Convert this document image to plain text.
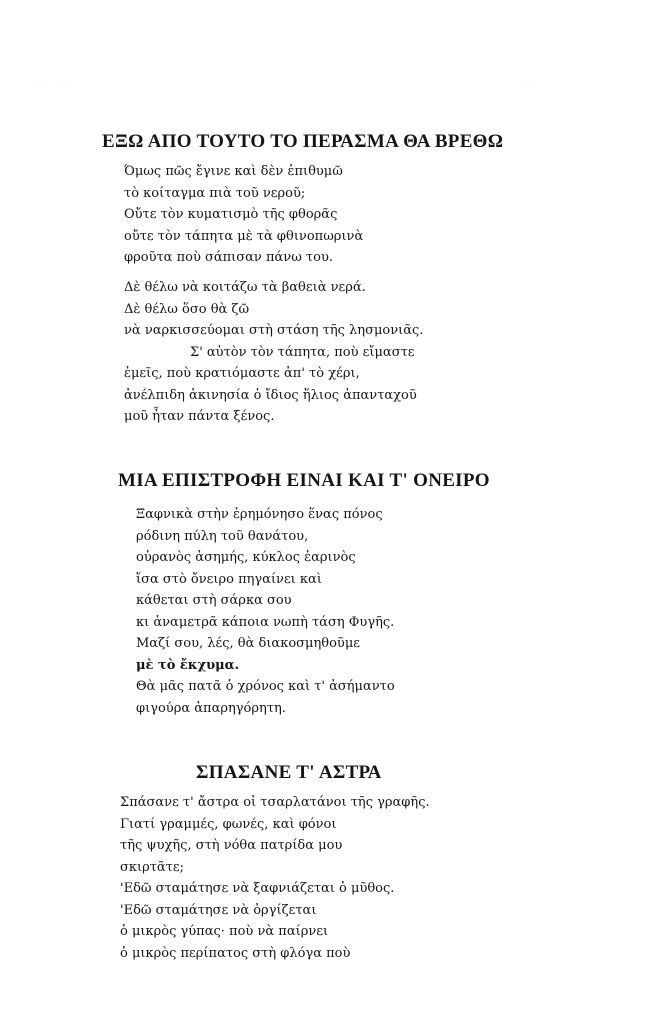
· ˙ · ·	· ˙
ΕΞΩ ΑΠΟ ΤΟΥΤΟ ΤΟ ΠΕΡΑΣΜΑ ΘΑ ΒΡΕΘΩ
Όμως πῶς ἔγινε καὶ δὲν ἐπιθυμῶ
τὸ κοίταγμα πιὰ τοῦ νεροῦ;
Οὔτε τὸν κυματισμὸ τῆς φθορᾶς
οὔτε τὸν τάπητα μὲ τὰ φθινοπωρινὰ
φροῦτα ποὺ σάπισαν πάνω του.
Δὲ θέλω νὰ κοιτάζω τὰ βαθειὰ νερά.
Δὲ θέλω ὅσο θὰ ζῶ
νὰ ναρκισσεύομαι στὴ στάση τῆς λησμονιᾶς.
Σ' αὐτὸν τὸν τάπητα, ποὺ εἴμαστε
ἐμεῖς, ποὺ κρατιόμαστε ἀπ' τὸ χέρι,
ἀνέλπιδη ἀκινησία ὁ ἴδιος ἥλιος ἀπανταχοῦ
μοῦ ἦταν πάντα ξένος.
ΜΙΑ ΕΠΙΣΤΡΟΦΗ ΕΙΝΑΙ ΚΑΙ Τ' ΟΝΕΙΡΟ
Ξαφνικὰ στὴν ἐρημόνησο ἕνας πόνος
ρόδινη πύλη τοῦ θανάτου,
οὐρανὸς ἀσημής, κύκλος ἐαρινὸς
ἴσα στὸ ὄνειρο πηγαίνει καὶ
κάθεται στὴ σάρκα σου
κι ἀναμετρᾶ κάποια νωπὴ τάση Φυγῆς.
Μαζί σου, λές, θὰ διακοσμηθοῦμε
μὲ τὸ ἔκχυμα.
Θὰ μᾶς πατᾶ ὁ χρόνος καὶ τ' ἀσήμαντο
φιγούρα ἀπαρηγόρητη.
ΣΠΑΣΑΝΕ Τ' ΑΣΤΡΑ
Σπάσανε τ' ἄστρα οἱ τσαρλατάνοι τῆς γραφῆς.
Γιατί γραμμές, φωνές, καὶ φόνοι
τῆς ψυχῆς, στὴ νόθα πατρίδα μου
σκιρτᾶτε;
'Εδῶ σταμάτησε νὰ ξαφνιάζεται ὁ μῦθος.
'Εδῶ σταμάτησε νὰ ὀργίζεται
ὁ μικρὸς γύπας· ποὺ νὰ παίρνει
ὁ μικρὸς περίπατος στὴ φλόγα ποὺ
